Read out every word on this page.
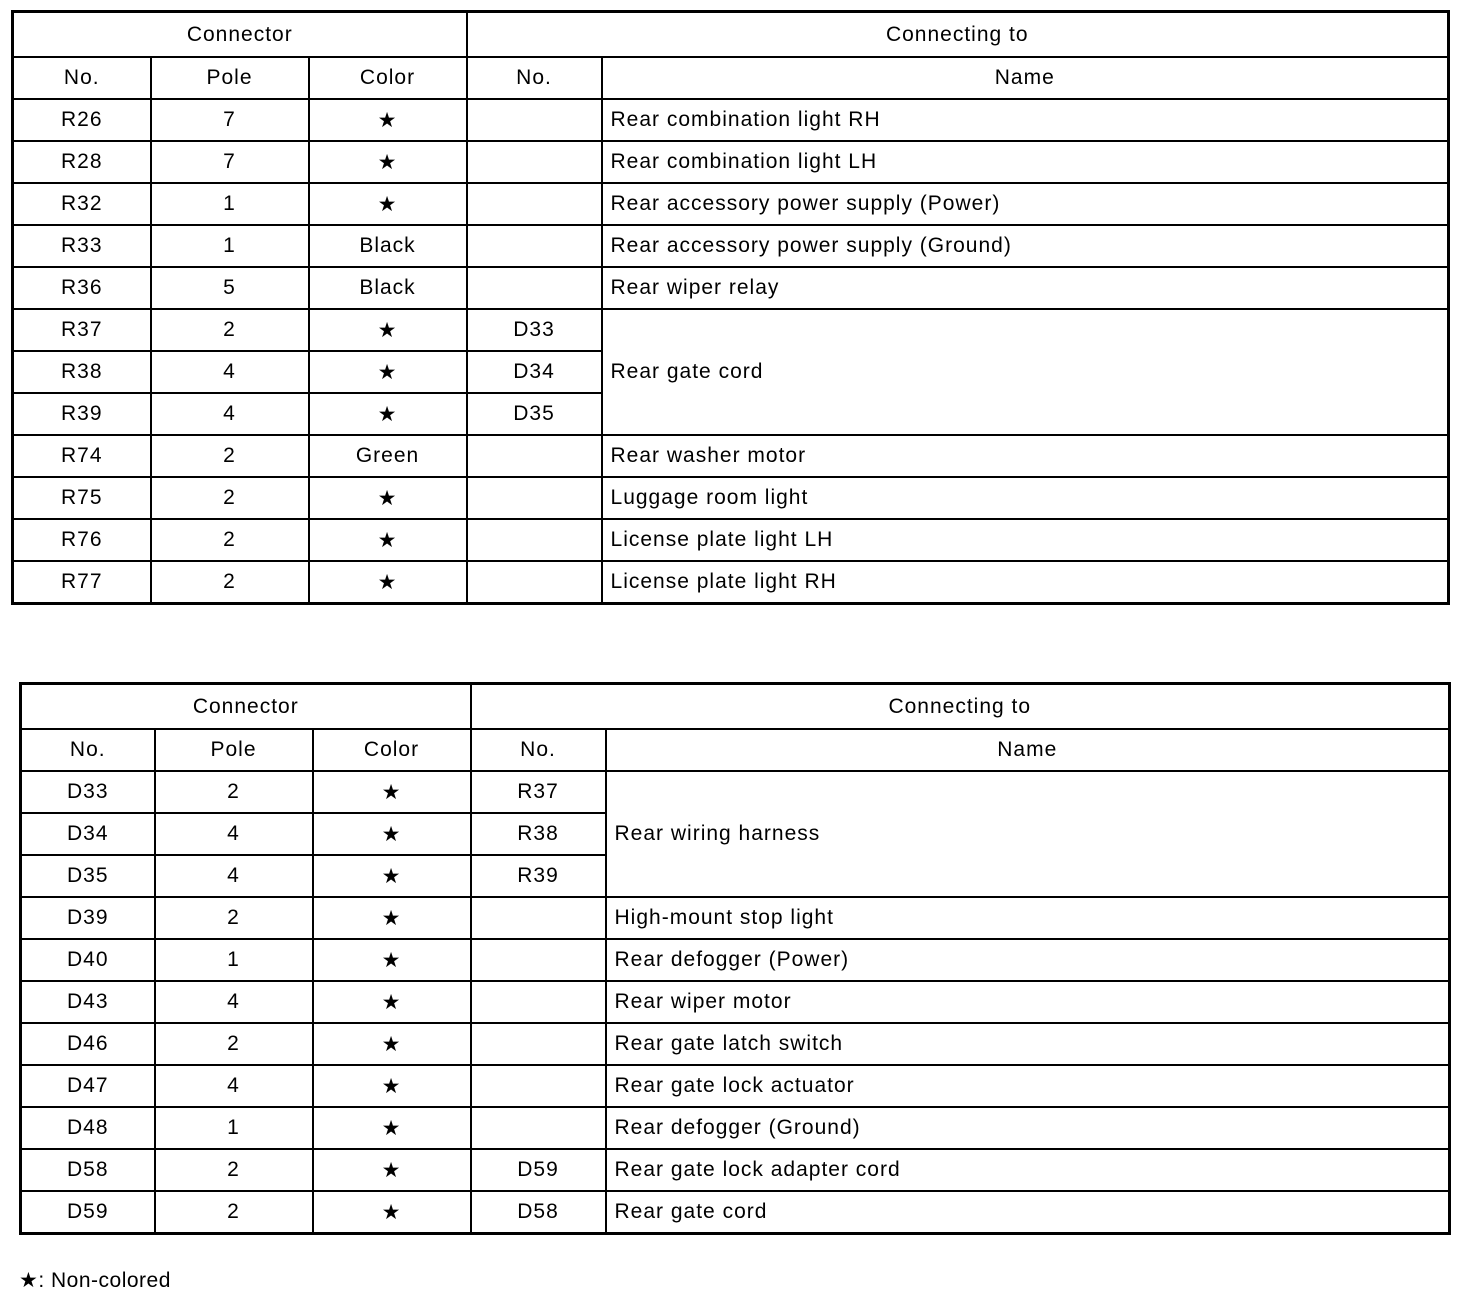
Connector			Connecting to	
No.	Pole	Color	No.	Name
R26	7	★		Rear combination light RH
R28	7	★		Rear combination light LH
R32	1	★		Rear accessory power supply (Power)
R33	1	Black		Rear accessory power supply (Ground)
R36	5	Black		Rear wiper relay
R37	2	★	D33	Rear gate cord
R38	4	★	D34	
R39	4	★	D35	
R74	2	Green		Rear washer motor
R75	2	★		Luggage room light
R76	2	★		License plate light LH
R77	2	★		License plate light RH
Connector			Connecting to	
No.	Pole	Color	No.	Name
D33	2	★	R37	Rear wiring harness
D34	4	★	R38	
D35	4	★	R39	
D39	2	★		High-mount stop light
D40	1	★		Rear defogger (Power)
D43	4	★		Rear wiper motor
D46	2	★		Rear gate latch switch
D47	4	★		Rear gate lock actuator
D48	1	★		Rear defogger (Ground)
D58	2	★	D59	Rear gate lock adapter cord
D59	2	★	D58	Rear gate cord
★: Non-colored
